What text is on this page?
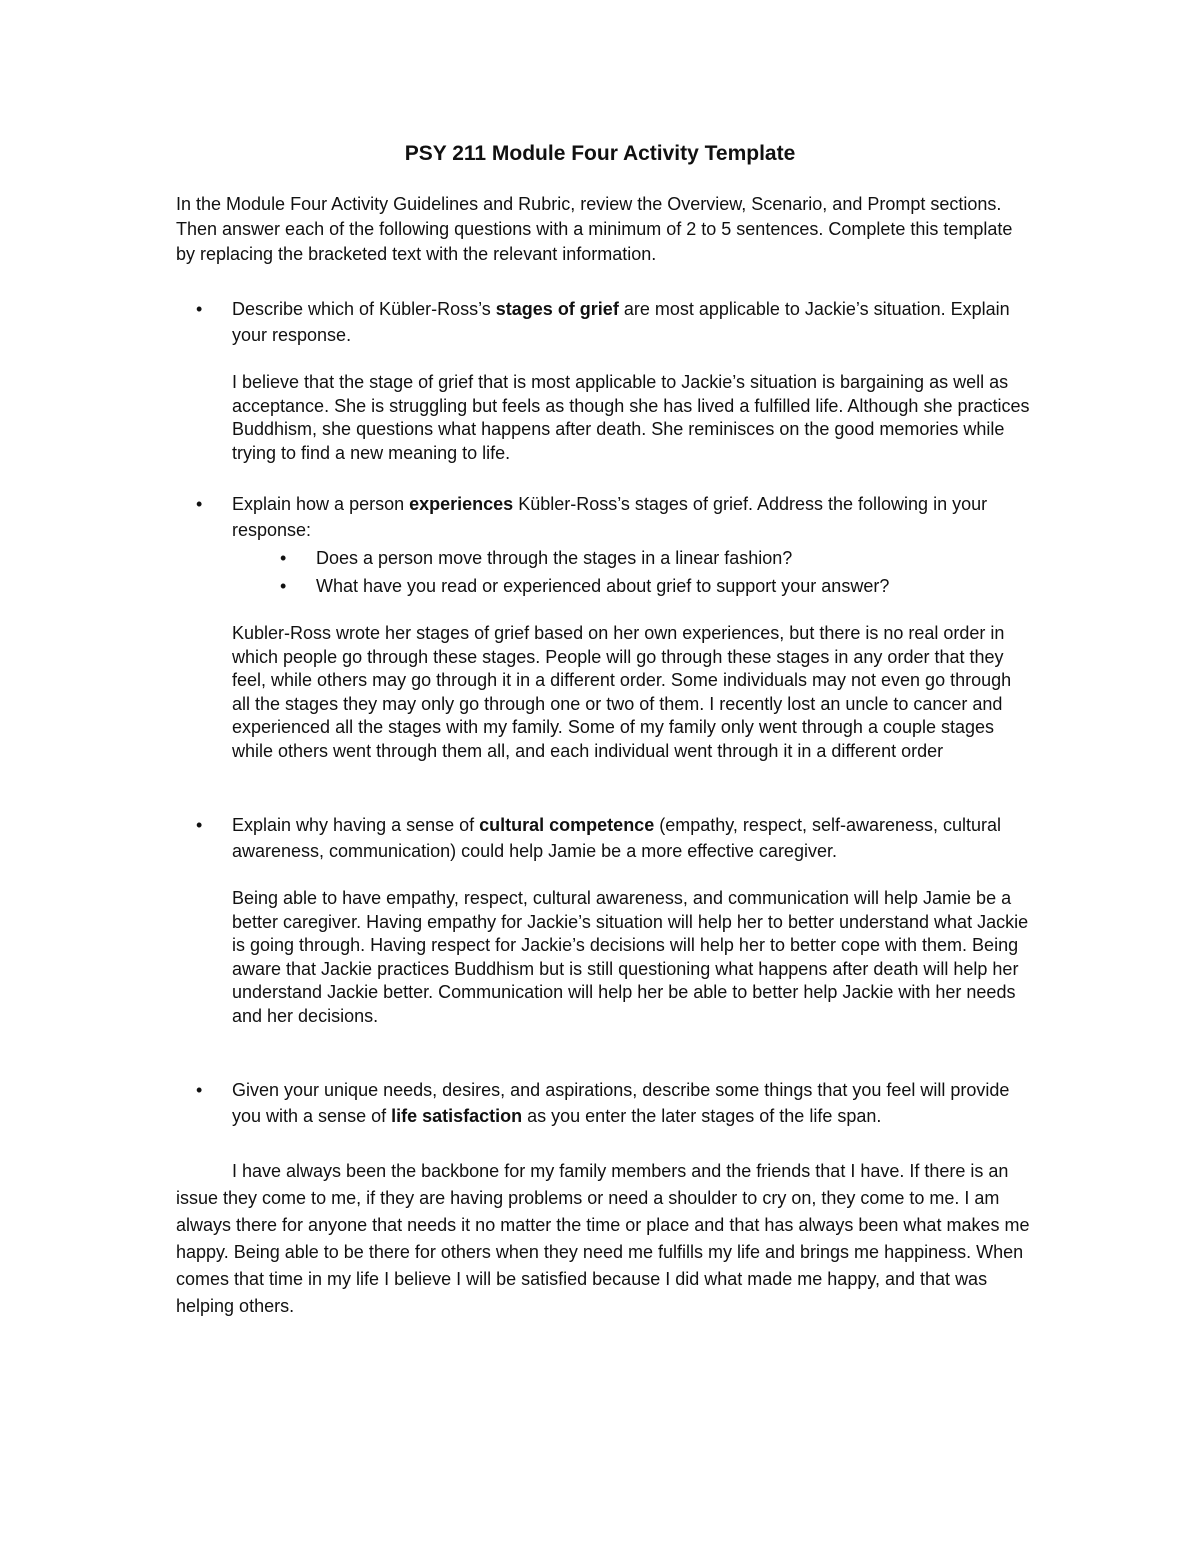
PSY 211 Module Four Activity Template

In the Module Four Activity Guidelines and Rubric, review the Overview, Scenario, and Prompt sections. Then answer each of the following questions with a minimum of 2 to 5 sentences. Complete this template by replacing the bracketed text with the relevant information.

•	Describe which of Kübler-Ross’s stages of grief are most applicable to Jackie’s situation. Explain your response.

I believe that the stage of grief that is most applicable to Jackie’s situation is bargaining as well as acceptance. She is struggling but feels as though she has lived a fulfilled life. Although she practices Buddhism, she questions what happens after death. She reminisces on the good memories while trying to find a new meaning to life.

•	Explain how a person experiences Kübler-Ross’s stages of grief. Address the following in your response:

•	Does a person move through the stages in a linear fashion?

•	What have you read or experienced about grief to support your answer?

Kubler-Ross wrote her stages of grief based on her own experiences, but there is no real order in which people go through these stages. People will go through these stages in any order that they feel, while others may go through it in a different order. Some individuals may not even go through all the stages they may only go through one or two of them. I recently lost an uncle to cancer and experienced all the stages with my family. Some of my family only went through a couple stages while others went through them all, and each individual went through it in a different order

•	Explain why having a sense of cultural competence (empathy, respect, self-awareness, cultural awareness, communication) could help Jamie be a more effective caregiver.

Being able to have empathy, respect, cultural awareness, and communication will help Jamie be a better caregiver. Having empathy for Jackie’s situation will help her to better understand what Jackie is going through. Having respect for Jackie’s decisions will help her to better cope with them. Being aware that Jackie practices Buddhism but is still questioning what happens after death will help her understand Jackie better. Communication will help her be able to better help Jackie with her needs and her decisions.

•	Given your unique needs, desires, and aspirations, describe some things that you feel will provide you with a sense of life satisfaction as you enter the later stages of the life span.

I have always been the backbone for my family members and the friends that I have. If there is an issue they come to me, if they are having problems or need a shoulder to cry on, they come to me. I am always there for anyone that needs it no matter the time or place and that has always been what makes me happy. Being able to be there for others when they need me fulfills my life and brings me happiness. When comes that time in my life I believe I will be satisfied because I did what made me happy, and that was helping others.
